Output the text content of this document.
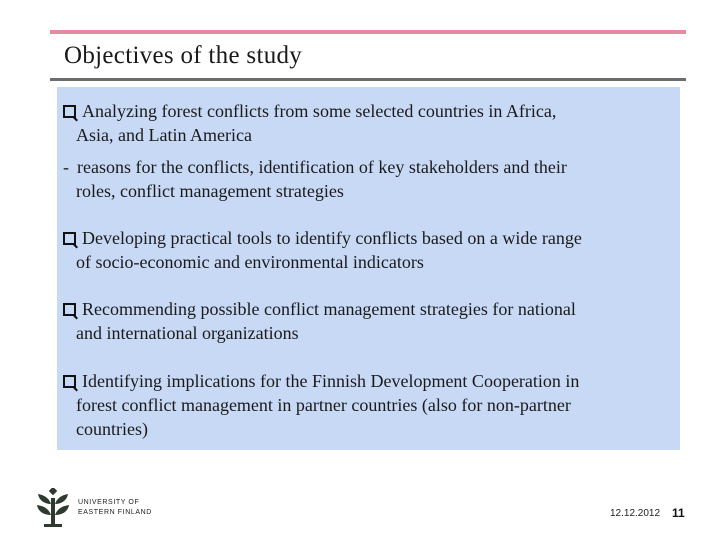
Objectives of the study
Analyzing forest conflicts from some selected countries in Africa,
Asia, and Latin America
- reasons for the conflicts, identification of key stakeholders and their
roles, conflict management strategies
Developing practical tools to identify conflicts based on a wide range
of socio-economic and environmental indicators
Recommending possible conflict management strategies for national
and international organizations
Identifying implications for the Finnish Development Cooperation in
forest conflict management in partner countries (also for non-partner
countries)
UNIVERSITY OF
EASTERN FINLAND	12.12.2012 11
